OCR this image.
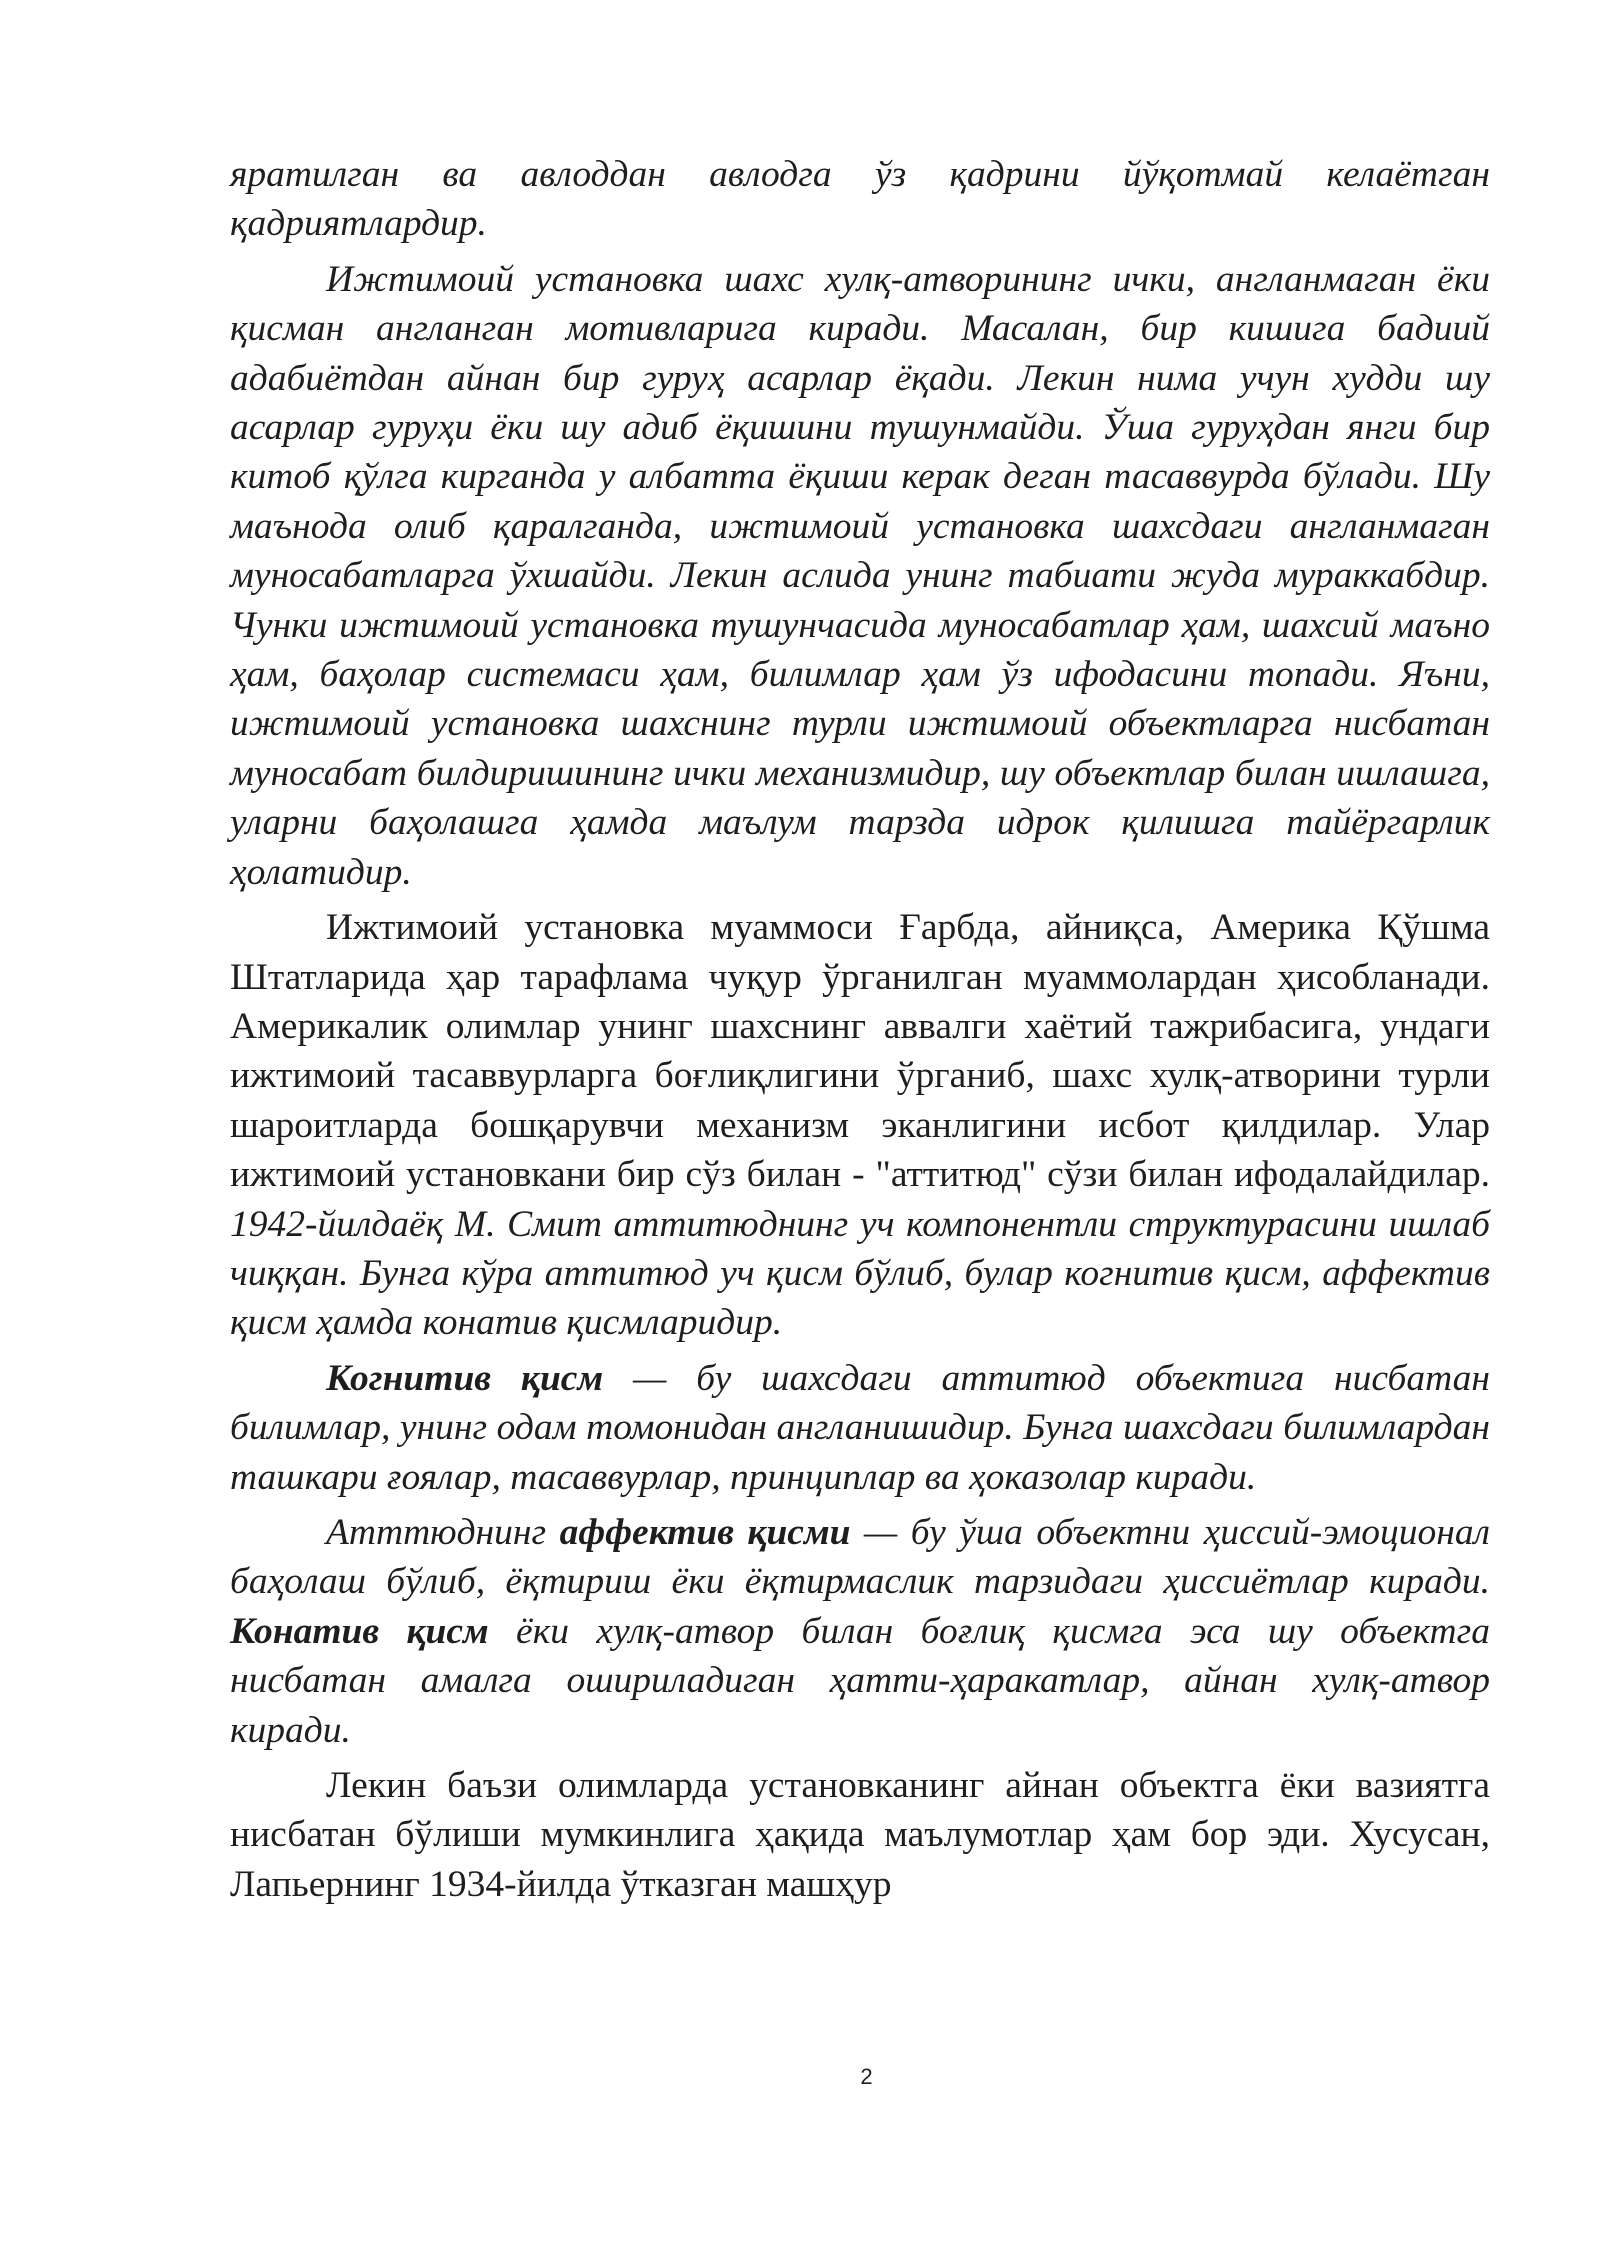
яратилган ва авлоддан авлодга ўз қадрини йўқотмай келаётган қадриятлардир.

Ижтимоий установка шахс хулқ-атворининг ички, англанмаган ёки қисман англанган мотивларига киради. Масалан, бир кишига бадиий адабиётдан айнан бир гуруҳ асарлар ёқади. Лекин нима учун худди шу асарлар гуруҳи ёки шу адиб ёқишини тушунмайди. Ўша гуруҳдан янги бир китоб қўлга кирганда у албатта ёқиши керак деган тасаввурда бўлади. Шу маънода олиб қаралганда, ижтимоий установка шахсдаги англанмаган муносабатларга ўхшайди. Лекин аслида унинг табиати жуда мураккабдир. Чунки ижтимоий установка тушунчасида муносабатлар ҳам, шахсий маъно ҳам, баҳолар системаси ҳам, билимлар ҳам ўз ифодасини топади. Яъни, ижтимоий установка шахснинг турли ижтимоий объектларга нисбатан муносабат билдиришининг ички механизмидир, шу объектлар билан ишлашга, уларни баҳолашга ҳамда маълум тарзда идрок қилишга тайёргарлик ҳолатидир.

Ижтимоий установка муаммоси Ғарбда, айниқса, Америка Қўшма Штатларида ҳар тарафлама чуқур ўрганилган муаммолардан ҳисобланади. Америкалик олимлар унинг шахснинг аввалги хаётий тажрибасига, ундаги ижтимоий тасаввурларга боғлиқлигини ўрганиб, шахс хулқ-атворини турли шароитларда бошқарувчи механизм эканлигини исбот қилдилар. Улар ижтимоий установкани бир сўз билан - "аттитюд" сўзи билан ифодалайдилар. 1942-йилдаёқ М. Смит аттитюднинг уч компонентли структурасини ишлаб чиққан. Бунга кўра аттитюд уч қисм бўлиб, булар когнитив қисм, аффектив қисм ҳамда конатив қисмларидир.

Когнитив қисм — бу шахсдаги аттитюд объектига нисбатан билимлар, унинг одам томонидан англанишидир. Бунга шахсдаги билимлардан ташкари ғоялар, тасаввурлар, принциплар ва ҳоказолар киради.

Атттюднинг аффектив қисми — бу ўша объектни ҳиссий-эмоционал баҳолаш бўлиб, ёқтириш ёки ёқтирмаслик тарзидаги ҳиссиётлар киради. Конатив қисм ёки хулқ-атвор билан боғлиқ қисмга эса шу объектга нисбатан амалга ошириладиган ҳатти-ҳаракатлар, айнан хулқ-атвор киради.

Лекин баъзи олимларда установканинг айнан объектга ёки вазиятга нисбатан бўлиши мумкинлига ҳақида маълумотлар ҳам бор эди. Хусусан, Лапьернинг 1934-йилда ўтказган машҳур

2
